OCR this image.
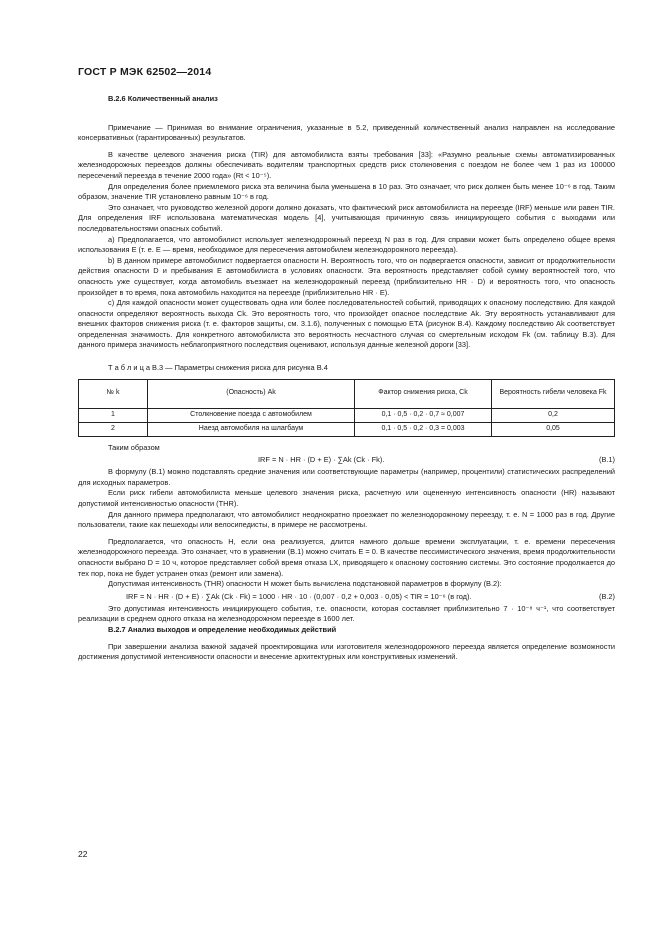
ГОСТ Р МЭК 62502—2014

В.2.6 Количественный анализ

Примечание — Принимая во внимание ограничения, указанные в 5.2, приведенный количественный анализ направлен на исследование консервативных (гарантированных) результатов.

В качестве целевого значения риска (TIR) для автомобилиста взяты требования [33]: «Разумно реальные схемы автоматизированных железнодорожных переездов должны обеспечивать водителям транспортных средств риск столкновения с поездом не более чем 1 раз из 100000 пересечений переезда в течение 2000 года» (Rt < 10⁻⁵).

Для определения более приемлемого риска эта величина была уменьшена в 10 раз. Это означает, что риск должен быть менее 10⁻⁶ в год. Таким образом, значение TIR установлено равным 10⁻⁶ в год.

Это означает, что руководство железной дороги должно доказать, что фактический риск автомобилиста на переезде (IRF) меньше или равен TIR. Для определения IRF использована математическая модель [4], учитывающая причинную связь инициирующего события с выходами или последовательностями опасных событий.

а) Предполагается, что автомобилист использует железнодорожный переезд N раз в год. Для справки может быть определено общее время использования E (т. е. E — время, необходимое для пересечения автомобилем железнодорожного переезда).

b) В данном примере автомобилист подвергается опасности H. Вероятность того, что он подвергается опасности, зависит от продолжительности действия опасности D и пребывания E автомобилиста в условиях опасности. Эта вероятность представляет собой сумму вероятностей того, что опасность уже существует, когда автомобиль въезжает на железнодорожный переезд (приблизительно HR · D) и вероятность того, что опасность произойдет в то время, пока автомобиль находится на переезде (приблизительно HR · E).

с) Для каждой опасности может существовать одна или более последовательностей событий, приводящих к опасному последствию. Для каждой опасности определяют вероятность выхода Ck. Это вероятность того, что произойдет опасное последствие Ak. Эту вероятность устанавливают для внешних факторов снижения риска (т. е. факторов защиты, см. 3.1.6), полученных с помощью ЕТА (рисунок В.4). Каждому последствию Ak соответствует определенная значимость. Для конкретного автомобилиста это вероятность несчастного случая со смертельным исходом Fk (см. таблицу В.3). Для данного примера значимость неблагоприятного последствия оценивают, используя данные железной дороги [33].

Т а б л и ц а В.3 — Параметры снижения риска для рисунка В.4

№ k	(Опасность) Ak	Фактор снижения риска, Ck	Вероятность гибели человека Fk
1	Столкновение поезда с автомобилем	0,1 · 0,5 · 0,2 · 0,7 ≈ 0,007	0,2
2	Наезд автомобиля на шлагбаум	0,1 · 0,5 · 0,2 · 0,3 = 0,003	0,05

Таким образом

IRF = N · HR · (D + E) · ∑Ak (Ck · Fk).	(В.1)

В формулу (В.1) можно подставлять средние значения или соответствующие параметры (например, процентили) статистических распределений для исходных параметров.

Если риск гибели автомобилиста меньше целевого значения риска, расчетную или оцененную интенсивность опасности (HR) называют допустимой интенсивностью опасности (THR).

Для данного примера предполагают, что автомобилист неоднократно проезжает по железнодорожному переезду, т. е. N = 1000 раз в год. Другие пользователи, такие как пешеходы или велосипедисты, в примере не рассмотрены.

Предполагается, что опасность H, если она реализуется, длится намного дольше времени эксплуатации, т. е. времени пересечения железнодорожного переезда. Это означает, что в уравнении (В.1) можно считать E = 0. В качестве пессимистического значения, время продолжительности опасности выбрано D = 10 ч, которое представляет собой время отказа LX, приводящего к опасному состоянию системы. Это состояние продолжается до тех пор, пока не будет устранен отказ (ремонт или замена).

Допустимая интенсивность (THR) опасности H может быть вычислена подстановкой параметров в формулу (В.2):

IRF = N · HR · (D + E) · ∑Ak (Ck · Fk) = 1000 · HR · 10 · (0,007 · 0,2 + 0,003 · 0,05) < TIR = 10⁻⁶ (в год).	(В.2)

Это допустимая интенсивность инициирующего события, т.е. опасности, которая составляет приблизительно 7 · 10⁻⁸ ч⁻¹, что соответствует реализации в среднем одного отказа на железнодорожном переезде в 1600 лет.

В.2.7 Анализ выходов и определение необходимых действий

При завершении анализа важной задачей проектировщика или изготовителя железнодорожного переезда является определение возможности достижения допустимой интенсивности опасности и внесение архитектурных или конструктивных изменений.

22
